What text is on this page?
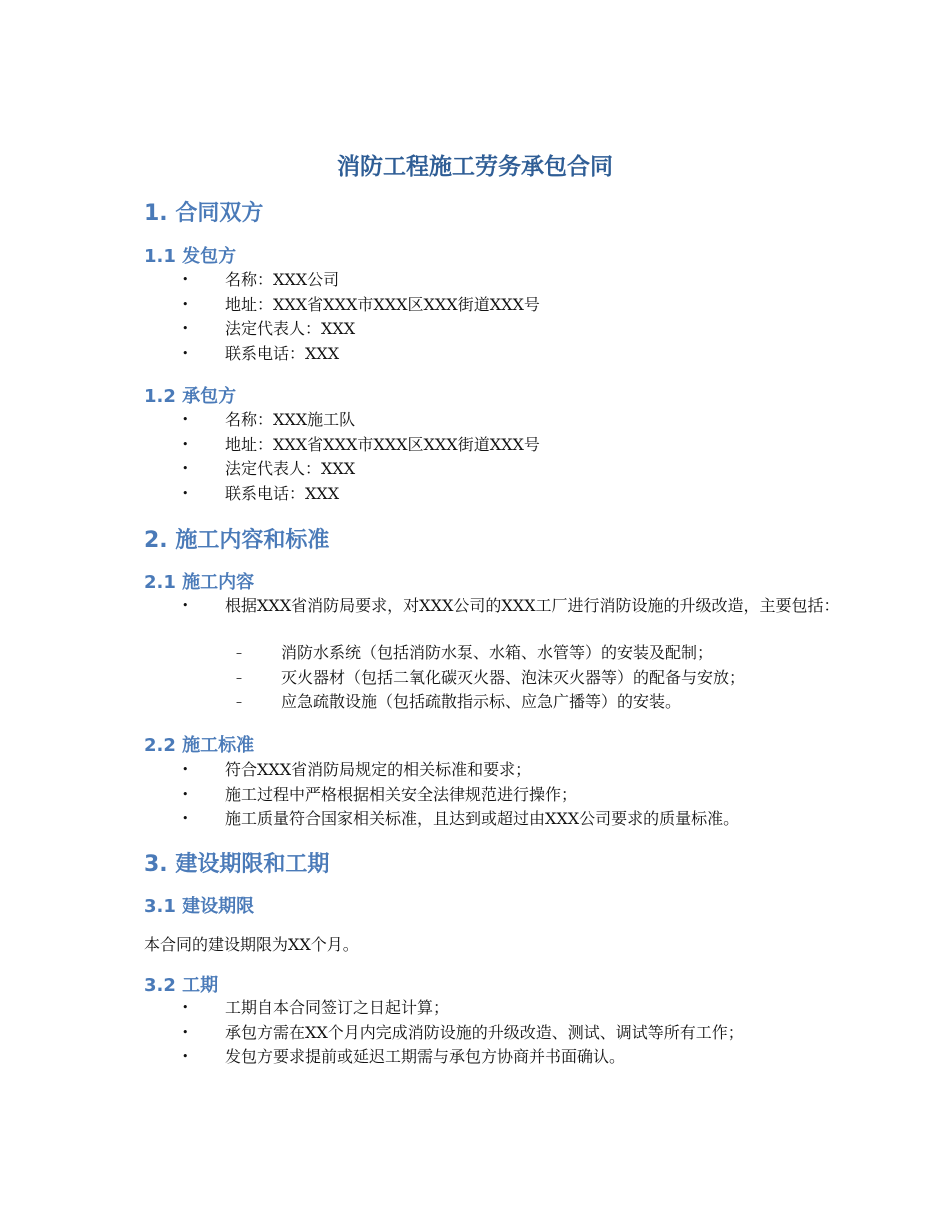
消防工程施工劳务承包合同
1. 合同双方
1.1 发包方
• 名称：XXX公司
• 地址：XXX省XXX市XXX区XXX街道XXX号
• 法定代表人：XXX
• 联系电话：XXX
1.2 承包方
• 名称：XXX施工队
• 地址：XXX省XXX市XXX区XXX街道XXX号
• 法定代表人：XXX
• 联系电话：XXX
2. 施工内容和标准
2.1 施工内容
• 根据XXX省消防局要求，对XXX公司的XXX工厂进行消防设施的升级改造，主要包括：
– 消防水系统（包括消防水泵、水箱、水管等）的安装及配制；
– 灭火器材（包括二氧化碳灭火器、泡沫灭火器等）的配备与安放；
– 应急疏散设施（包括疏散指示标、应急广播等）的安装。
2.2 施工标准
• 符合XXX省消防局规定的相关标准和要求；
• 施工过程中严格根据相关安全法律规范进行操作；
• 施工质量符合国家相关标准，且达到或超过由XXX公司要求的质量标准。
3. 建设期限和工期
3.1 建设期限
本合同的建设期限为XX个月。
3.2 工期
• 工期自本合同签订之日起计算；
• 承包方需在XX个月内完成消防设施的升级改造、测试、调试等所有工作；
• 发包方要求提前或延迟工期需与承包方协商并书面确认。
